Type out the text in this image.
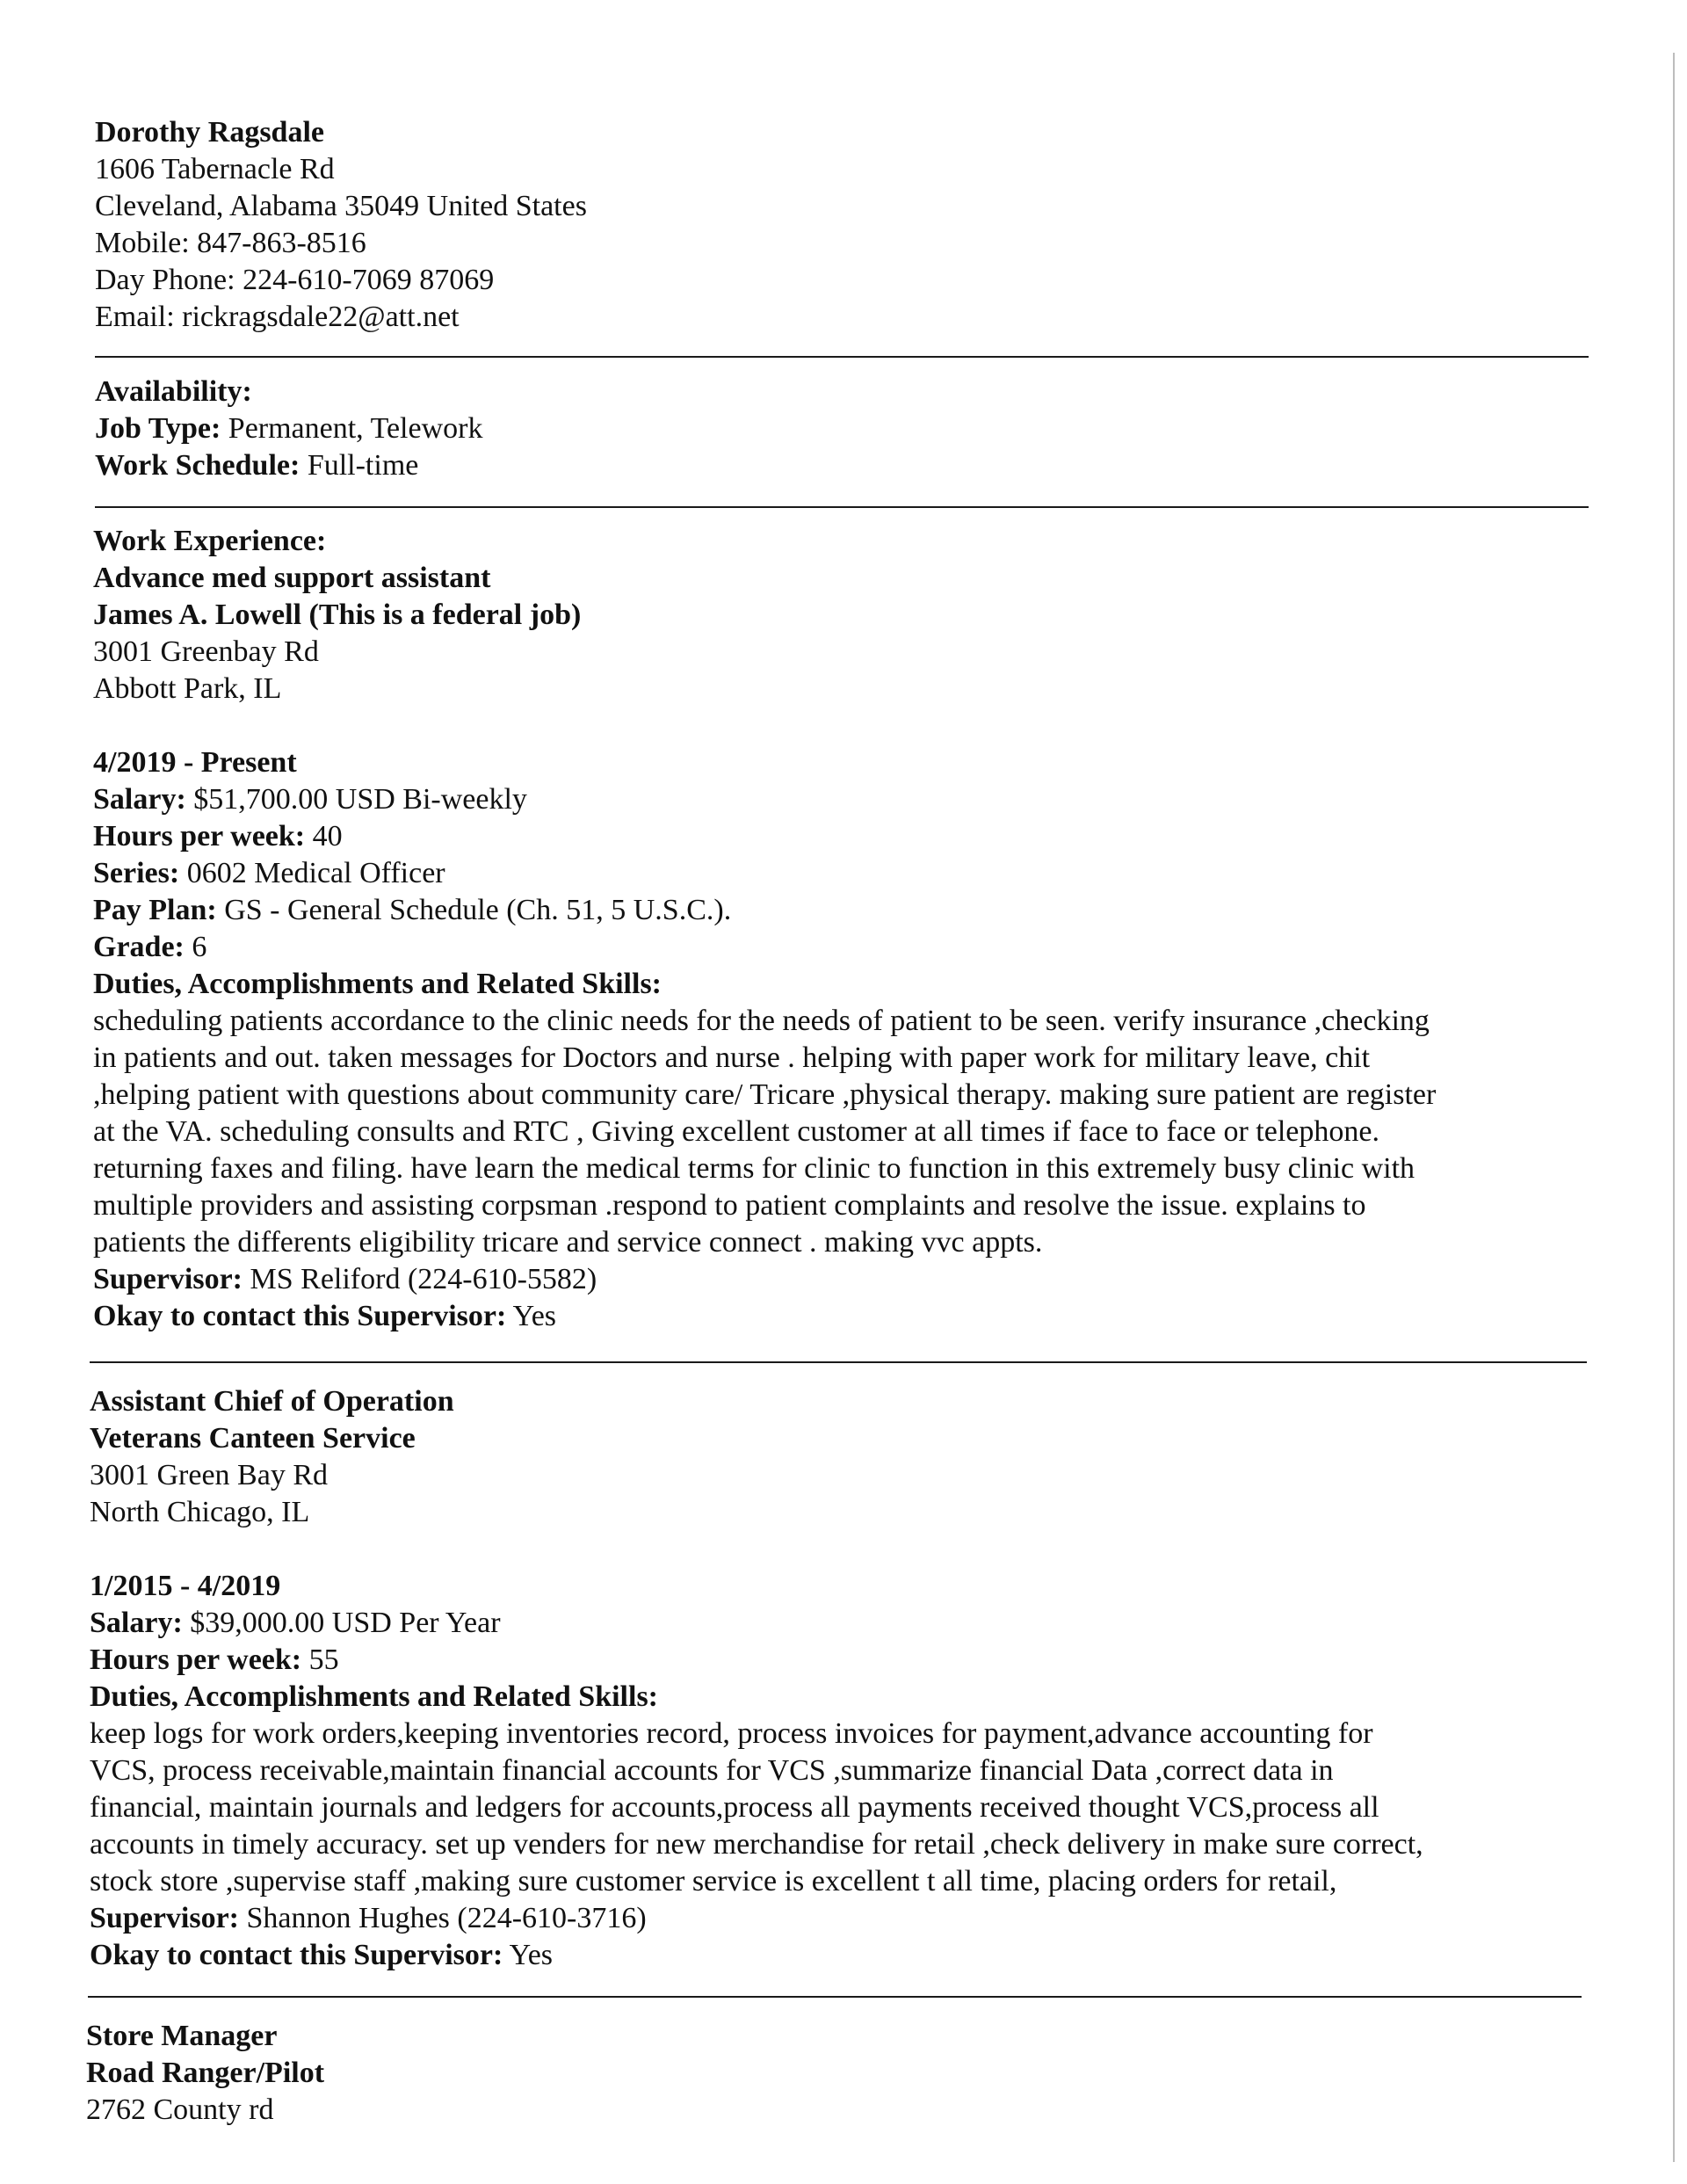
Dorothy Ragsdale
1606 Tabernacle Rd
Cleveland, Alabama 35049 United States
Mobile: 847-863-8516
Day Phone: 224-610-7069 87069
Email: rickragsdale22@att.net
Availability:
Job Type: Permanent, Telework
Work Schedule: Full-time
Work Experience:
Advance med support assistant
James A. Lowell (This is a federal job)
3001 Greenbay Rd
Abbott Park, IL
4/2019 - Present
Salary: $51,700.00 USD Bi-weekly
Hours per week: 40
Series: 0602 Medical Officer
Pay Plan: GS - General Schedule (Ch. 51, 5 U.S.C.).
Grade: 6
Duties, Accomplishments and Related Skills:
scheduling patients accordance to the clinic needs for the needs of patient to be seen. verify insurance ,checking
in patients and out. taken messages for Doctors and nurse . helping with paper work for military leave, chit
,helping patient with questions about community care/ Tricare ,physical therapy. making sure patient are register
at the VA. scheduling consults and RTC , Giving excellent customer at all times if face to face or telephone.
returning faxes and filing. have learn the medical terms for clinic to function in this extremely busy clinic with
multiple providers and assisting corpsman .respond to patient complaints and resolve the issue. explains to
patients the differents eligibility tricare and service connect . making vvc appts.
Supervisor: MS Reliford (224-610-5582)
Okay to contact this Supervisor: Yes
Assistant Chief of Operation
Veterans Canteen Service
3001 Green Bay Rd
North Chicago, IL
1/2015 - 4/2019
Salary: $39,000.00 USD Per Year
Hours per week: 55
Duties, Accomplishments and Related Skills:
keep logs for work orders,keeping inventories record, process invoices for payment,advance accounting for
VCS, process receivable,maintain financial accounts for VCS ,summarize financial Data ,correct data in
financial, maintain journals and ledgers for accounts,process all payments received thought VCS,process all
accounts in timely accuracy. set up venders for new merchandise for retail ,check delivery in make sure correct,
stock store ,supervise staff ,making sure customer service is excellent t all time, placing orders for retail,
Supervisor: Shannon Hughes (224-610-3716)
Okay to contact this Supervisor: Yes
Store Manager
Road Ranger/Pilot
2762 County rd
